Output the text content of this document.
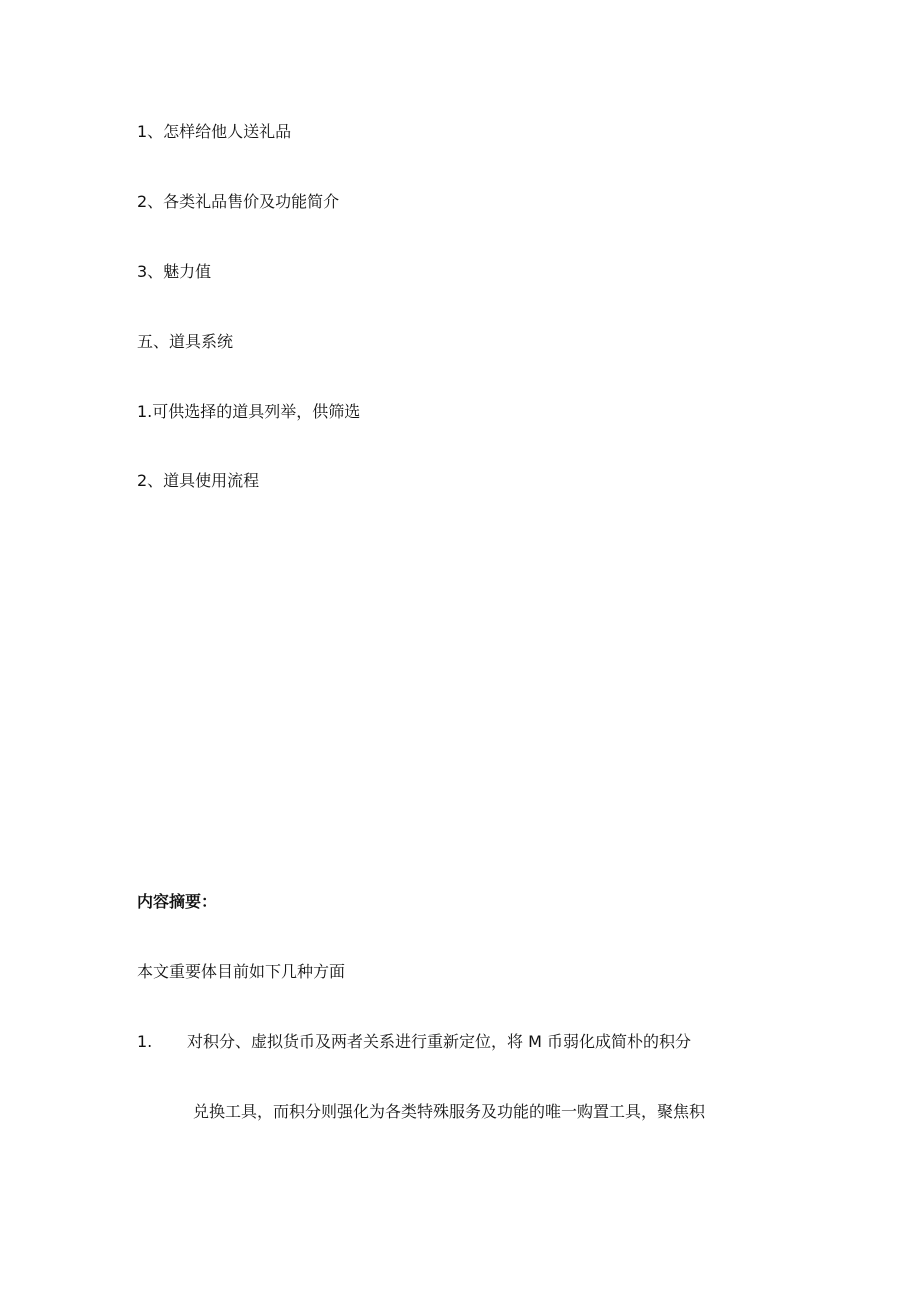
1、怎样给他人送礼品
2、各类礼品售价及功能简介
3、魅力值
五、道具系统
1.可供选择的道具列举，供筛选
2、道具使用流程
内容摘要：
本文重要体目前如下几种方面
1. 对积分、虚拟货币及两者关系进行重新定位，将 M 币弱化成简朴的积分
兑换工具，而积分则强化为各类特殊服务及功能的唯一购置工具，聚焦积
